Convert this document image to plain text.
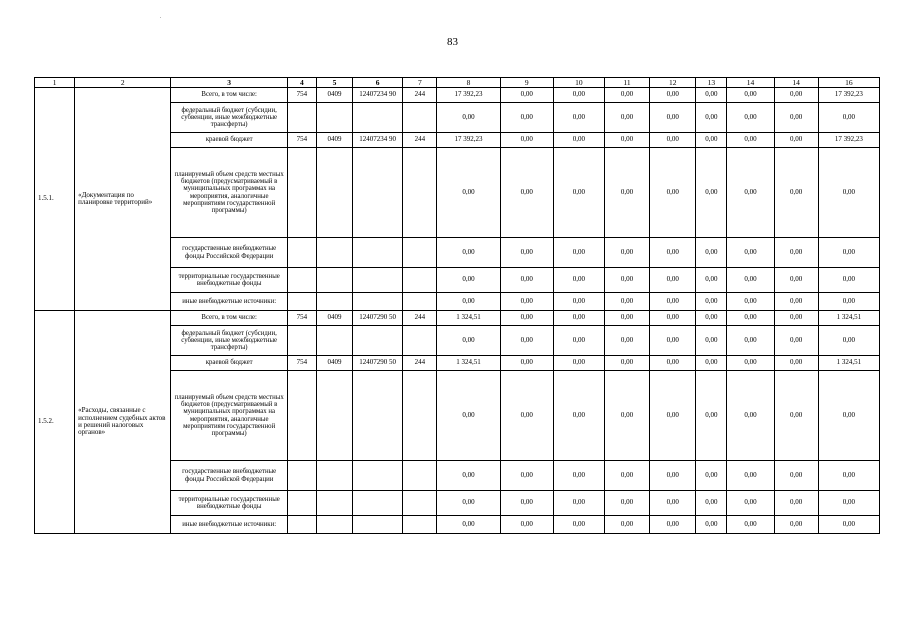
83
1	2	3	4	5	6	7	8	9	10	11	12	13	14	14	16
1.5.1.	«Документация по планировке территорий»	Всего, в том числе:	754	0409	12407234 90	244	17 392,23	0,00	0,00	0,00	0,00	0,00	0,00	0,00	17 392,23
		федеральный бюджет (субсидии, субвенции, иные межбюджетные трансферты)					0,00	0,00	0,00	0,00	0,00	0,00	0,00	0,00	0,00
		краевой бюджет	754	0409	12407234 90	244	17 392,23	0,00	0,00	0,00	0,00	0,00	0,00	0,00	17 392,23
		планируемый объем средств местных бюджетов (предусматриваемый в муниципальных программах на мероприятия, аналогичные мероприятиям государственной программы)					0,00	0,00	0,00	0,00	0,00	0,00	0,00	0,00	0,00
		государственные внебюджетные фонды Российской Федерации					0,00	0,00	0,00	0,00	0,00	0,00	0,00	0,00	0,00
		территориальные государственные внебюджетные фонды					0,00	0,00	0,00	0,00	0,00	0,00	0,00	0,00	0,00
		иные внебюджетные источники:					0,00	0,00	0,00	0,00	0,00	0,00	0,00	0,00	0,00
1.5.2.	«Расходы, связанные с исполнением судебных актов и решений налоговых органов»	Всего, в том числе:	754	0409	12407290 50	244	1 324,51	0,00	0,00	0,00	0,00	0,00	0,00	0,00	1 324,51
		федеральный бюджет (субсидии, субвенции, иные межбюджетные трансферты)					0,00	0,00	0,00	0,00	0,00	0,00	0,00	0,00	0,00
		краевой бюджет	754	0409	12407290 50	244	1 324,51	0,00	0,00	0,00	0,00	0,00	0,00	0,00	1 324,51
		планируемый объем средств местных бюджетов (предусматриваемый в муниципальных программах на мероприятия, аналогичные мероприятиям государственной программы)					0,00	0,00	0,00	0,00	0,00	0,00	0,00	0,00	0,00
		государственные внебюджетные фонды Российской Федерации					0,00	0,00	0,00	0,00	0,00	0,00	0,00	0,00	0,00
		территориальные государственные внебюджетные фонды					0,00	0,00	0,00	0,00	0,00	0,00	0,00	0,00	0,00
		иные внебюджетные источники:					0,00	0,00	0,00	0,00	0,00	0,00	0,00	0,00	0,00
